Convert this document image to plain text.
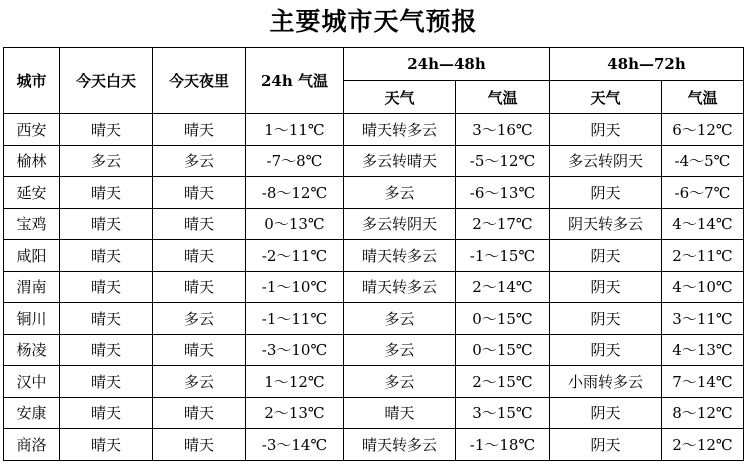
主要城市天气预报
城市	今天白天	今天夜里	24h 气温	24h—48h		48h—72h	
				天气	气温	天气	气温
西安	晴天	晴天	1～11℃	晴天转多云	3～16℃	阴天	6～12℃
榆林	多云	多云	-7～8℃	多云转晴天	-5～12℃	多云转阴天	-4～5℃
延安	晴天	晴天	-8～12℃	多云	-6～13℃	阴天	-6～7℃
宝鸡	晴天	晴天	0～13℃	多云转阴天	2～17℃	阴天转多云	4～14℃
咸阳	晴天	晴天	-2～11℃	晴天转多云	-1～15℃	阴天	2～11℃
渭南	晴天	晴天	-1～10℃	晴天转多云	2～14℃	阴天	4～10℃
铜川	晴天	多云	-1～11℃	多云	0～15℃	阴天	3～11℃
杨凌	晴天	晴天	-3～10℃	多云	0～15℃	阴天	4～13℃
汉中	晴天	多云	1～12℃	多云	2～15℃	小雨转多云	7～14℃
安康	晴天	晴天	2～13℃	晴天	3～15℃	阴天	8～12℃
商洛	晴天	晴天	-3～14℃	晴天转多云	-1～18℃	阴天	2～12℃
